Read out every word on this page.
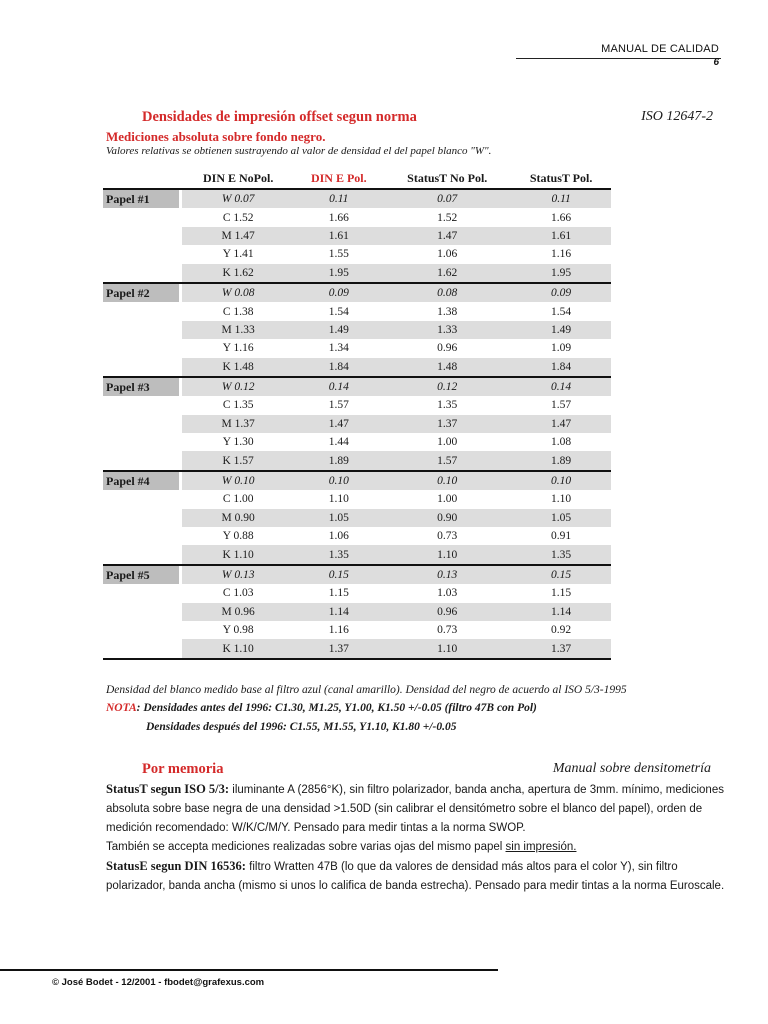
MANUAL DE CALIDAD
6
Densidades de impresión offset segun norma	ISO 12647-2
Mediciones absoluta sobre fondo negro.
Valores relativas se obtienen sustrayendo al valor de densidad el del papel blanco "W".
		DIN E NoPol.	DIN E Pol.	StatusT No Pol.	StatusT Pol.
Papel #1		W 0.07	0.11	0.07	0.11
		C 1.52	1.66	1.52	1.66
		M 1.47	1.61	1.47	1.61
		Y 1.41	1.55	1.06	1.16
		K 1.62	1.95	1.62	1.95
Papel #2		W 0.08	0.09	0.08	0.09
		C 1.38	1.54	1.38	1.54
		M 1.33	1.49	1.33	1.49
		Y 1.16	1.34	0.96	1.09
		K 1.48	1.84	1.48	1.84
Papel #3		W 0.12	0.14	0.12	0.14
		C 1.35	1.57	1.35	1.57
		M 1.37	1.47	1.37	1.47
		Y 1.30	1.44	1.00	1.08
		K 1.57	1.89	1.57	1.89
Papel #4		W 0.10	0.10	0.10	0.10
		C 1.00	1.10	1.00	1.10
		M 0.90	1.05	0.90	1.05
		Y 0.88	1.06	0.73	0.91
		K 1.10	1.35	1.10	1.35
Papel #5		W 0.13	0.15	0.13	0.15
		C 1.03	1.15	1.03	1.15
		M 0.96	1.14	0.96	1.14
		Y 0.98	1.16	0.73	0.92
		K 1.10	1.37	1.10	1.37
Densidad del blanco medido base al filtro azul (canal amarillo). Densidad del negro de acuerdo al ISO 5/3-1995
NOTA: Densidades antes del 1996: C1.30, M1.25, Y1.00, K1.50 +/-0.05 (filtro 47B con Pol)
Densidades después del 1996: C1.55, M1.55, Y1.10, K1.80 +/-0.05
Por memoria	Manual sobre densitometría

StatusT segun ISO 5/3: iluminante A (2856°K), sin filtro polarizador, banda ancha, apertura de 3mm. mínimo, mediciones absoluta sobre base negra de una densidad >1.50D (sin calibrar el densitómetro sobre el blanco del papel), orden de medición recomendado: W/K/C/M/Y. Pensado para medir tintas a la norma SWOP.

También se accepta mediciones realizadas sobre varias ojas del mismo papel sin impresión.

StatusE segun DIN 16536: filtro Wratten 47B (lo que da valores de densidad más altos para el color Y), sin filtro polarizador, banda ancha (mismo si unos lo califica de banda estrecha). Pensado para medir tintas a la norma Euroscale.

© José Bodet - 12/2001 - fbodet@grafexus.com
